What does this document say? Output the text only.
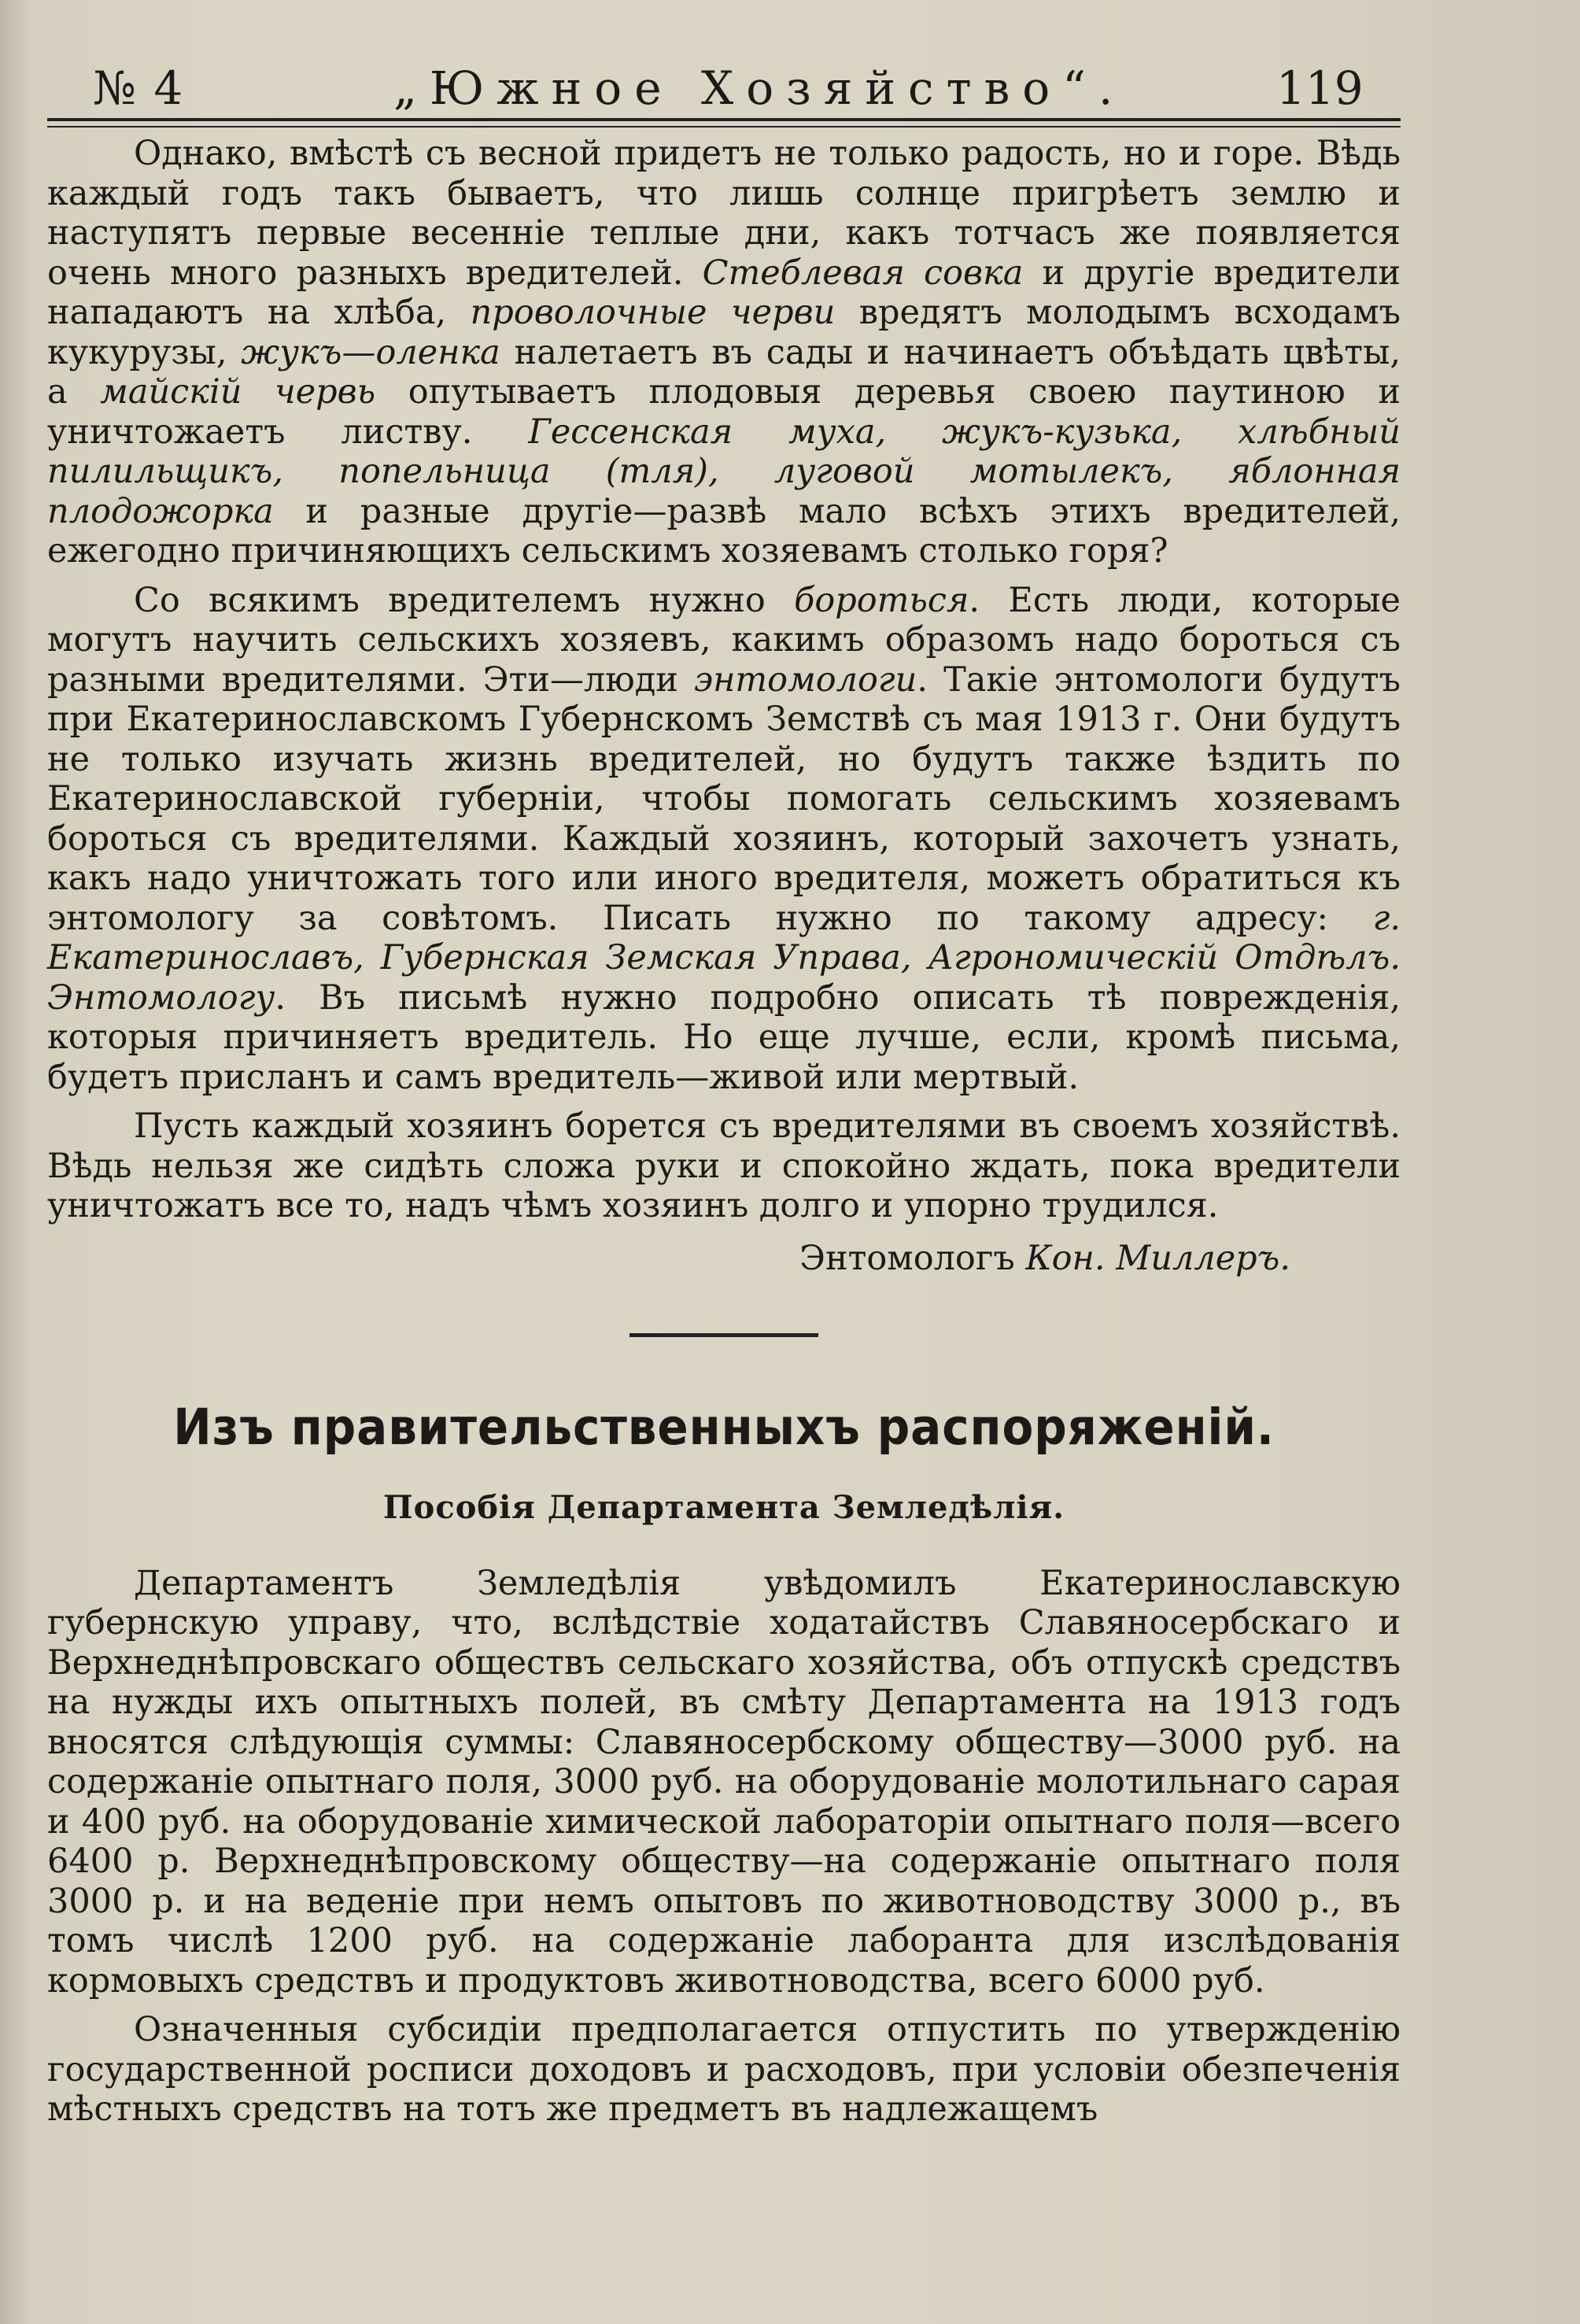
№ 4	„Южное Хозяйство“.	119

Однако, вмѣстѣ съ весной придетъ не только радость, но и горе. Вѣдь каждый годъ такъ бываетъ, что лишь солнце пригрѣетъ землю и наступятъ первые весенніе теплые дни, какъ тотчасъ же появляется очень много разныхъ вредителей. Стеблевая совка и другіе вредители нападаютъ на хлѣба, проволочные черви вредятъ молодымъ всходамъ кукурузы, жукъ—оленка налетаетъ въ сады и начинаетъ объѣдать цвѣты, а майскій червь опутываетъ плодовыя деревья своею паутиною и уничтожаетъ листву. Гессенская муха, жукъ-кузька, хлѣбный пилильщикъ, попельница (тля), луговой мотылекъ, яблонная плодожорка и разные другіе—развѣ мало всѣхъ этихъ вредителей, ежегодно причиняющихъ сельскимъ хозяевамъ столько горя?

Со всякимъ вредителемъ нужно бороться. Есть люди, которые могутъ научить сельскихъ хозяевъ, какимъ образомъ надо бороться съ разными вредителями. Эти—люди энтомологи. Такіе энтомологи будутъ при Екатеринославскомъ Губернскомъ Земствѣ съ мая 1913 г. Они будутъ не только изучать жизнь вредителей, но будутъ также ѣздить по Екатеринославской губерніи, чтобы помогать сельскимъ хозяевамъ бороться съ вредителями. Каждый хозяинъ, который захочетъ узнать, какъ надо уничтожать того или иного вредителя, можетъ обратиться къ энтомологу за совѣтомъ. Писать нужно по такому адресу: г. Екатеринославъ, Губернская Земская Управа, Агрономическій Отдѣлъ. Энтомологу. Въ письмѣ нужно подробно описать тѣ поврежденія, которыя причиняетъ вредитель. Но еще лучше, если, кромѣ письма, будетъ присланъ и самъ вредитель—живой или мертвый.

Пусть каждый хозяинъ борется съ вредителями въ своемъ хозяйствѣ. Вѣдь нельзя же сидѣть сложа руки и спокойно ждать, пока вредители уничтожатъ все то, надъ чѣмъ хозяинъ долго и упорно трудился.

Энтомологъ Кон. Миллеръ.
Изъ правительственныхъ распоряженій.
Пособія Департамента Земледѣлія.

Департаментъ Земледѣлія увѣдомилъ Екатеринославскую губернскую управу, что, вслѣдствіе ходатайствъ Славяносербскаго и Верхнеднѣпровскаго обществъ сельскаго хозяйства, объ отпускѣ средствъ на нужды ихъ опытныхъ полей, въ смѣту Департамента на 1913 годъ вносятся слѣдующія суммы: Славяносербскому обществу—3000 руб. на содержаніе опытнаго поля, 3000 руб. на оборудованіе молотильнаго сарая и 400 руб. на оборудованіе химической лабораторіи опытнаго поля—всего 6400 р. Верхнеднѣпровскому обществу—на содержаніе опытнаго поля 3000 р. и на веденіе при немъ опытовъ по животноводству 3000 р., въ томъ числѣ 1200 руб. на содержаніе лаборанта для изслѣдованія кормовыхъ средствъ и продуктовъ животноводства, всего 6000 руб.

Означенныя субсидіи предполагается отпустить по утвержденію государственной росписи доходовъ и расходовъ, при условіи обезпеченія мѣстныхъ средствъ на тотъ же предметъ въ надлежащемъ
